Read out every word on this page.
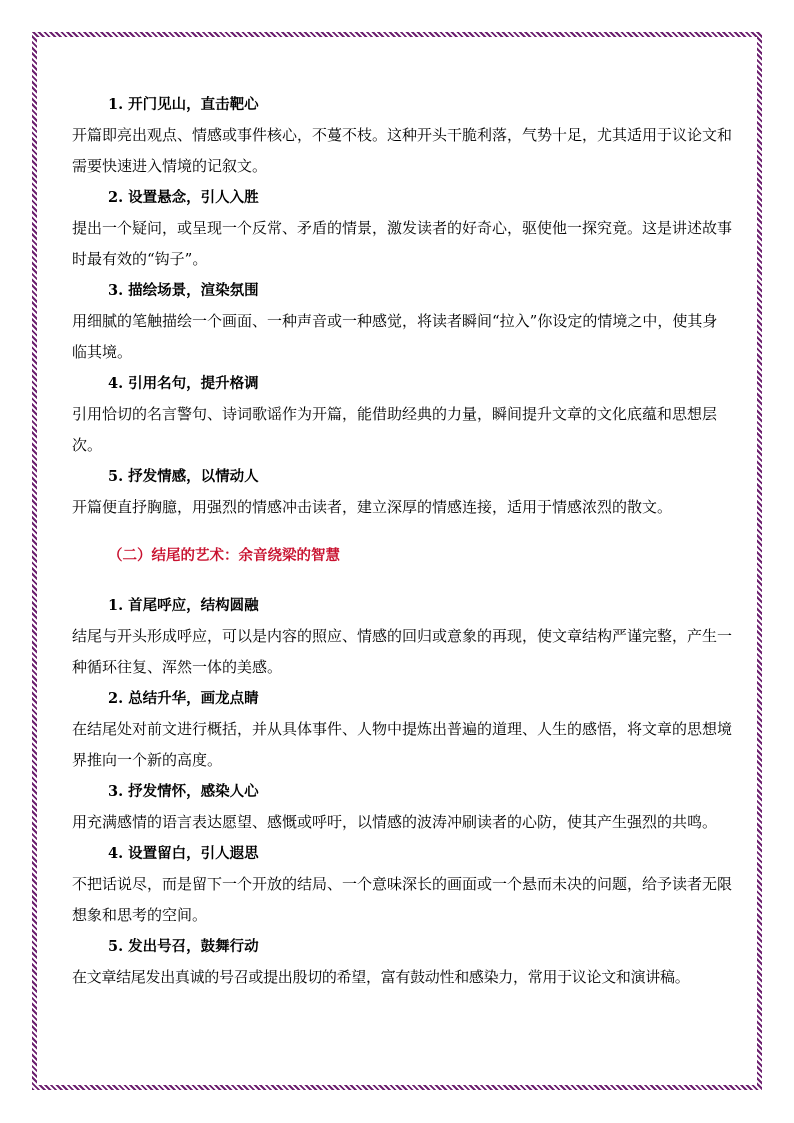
1. 开门见山，直击靶心

开篇即亮出观点、情感或事件核心，不蔓不枝。这种开头干脆利落，气势十足，尤其适用于议论文和需要快速进入情境的记叙文。

2. 设置悬念，引人入胜

提出一个疑问，或呈现一个反常、矛盾的情景，激发读者的好奇心，驱使他一探究竟。这是讲述故事时最有效的“钩子”。

3. 描绘场景，渲染氛围

用细腻的笔触描绘一个画面、一种声音或一种感觉，将读者瞬间“拉入”你设定的情境之中，使其身临其境。

4. 引用名句，提升格调

引用恰切的名言警句、诗词歌谣作为开篇，能借助经典的力量，瞬间提升文章的文化底蕴和思想层次。

5. 抒发情感，以情动人

开篇便直抒胸臆，用强烈的情感冲击读者，建立深厚的情感连接，适用于情感浓烈的散文。

（二）结尾的艺术：余音绕梁的智慧

1. 首尾呼应，结构圆融

结尾与开头形成呼应，可以是内容的照应、情感的回归或意象的再现，使文章结构严谨完整，产生一种循环往复、浑然一体的美感。

2. 总结升华，画龙点睛

在结尾处对前文进行概括，并从具体事件、人物中提炼出普遍的道理、人生的感悟，将文章的思想境界推向一个新的高度。

3. 抒发情怀，感染人心

用充满感情的语言表达愿望、感慨或呼吁，以情感的波涛冲刷读者的心防，使其产生强烈的共鸣。

4. 设置留白，引人遐思

不把话说尽，而是留下一个开放的结局、一个意味深长的画面或一个悬而未决的问题，给予读者无限想象和思考的空间。

5. 发出号召，鼓舞行动

在文章结尾发出真诚的号召或提出殷切的希望，富有鼓动性和感染力，常用于议论文和演讲稿。
